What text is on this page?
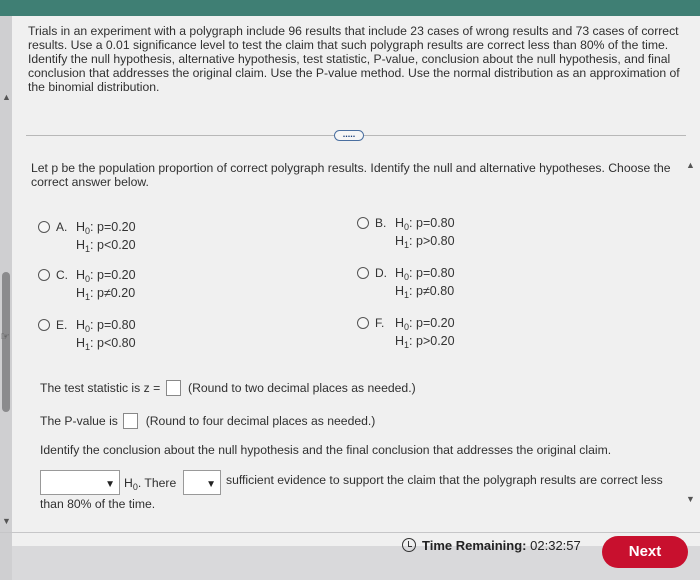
▲
▼
☞
Trials in an experiment with a polygraph include 96 results that include 23 cases of wrong results and 73 cases of correct results. Use a 0.01 significance level to test the claim that such polygraph results are correct less than 80% of the time. Identify the null hypothesis, alternative hypothesis, test statistic, P-value, conclusion about the null hypothesis, and final conclusion that addresses the original claim. Use the P-value method. Use the normal distribution as an approximation of the binomial distribution.
.....
▲
▼
Let p be the population proportion of correct polygraph results. Identify the null and alternative hypotheses. Choose the correct answer below.
A. $H_0$: p=0.20
$H_1$: p<0.20
B. $H_0$: p=0.80
$H_1$: p>0.80
C. $H_0$: p=0.20
$H_1$: p≠0.20
D. $H_0$: p=0.80
$H_1$: p≠0.80
E. $H_0$: p=0.80
$H_1$: p<0.80
F. $H_0$: p=0.20
$H_1$: p>0.20
The test statistic is z = (Round to two decimal places as needed.)
The P-value is (Round to four decimal places as needed.)
Identify the conclusion about the null hypothesis and the final conclusion that addresses the original claim.
▼ $H_0$. There	▼ sufficient evidence to support the claim that the polygraph results are correct less
than 80% of the time.
Time Remaining: 02:32:57	Next
